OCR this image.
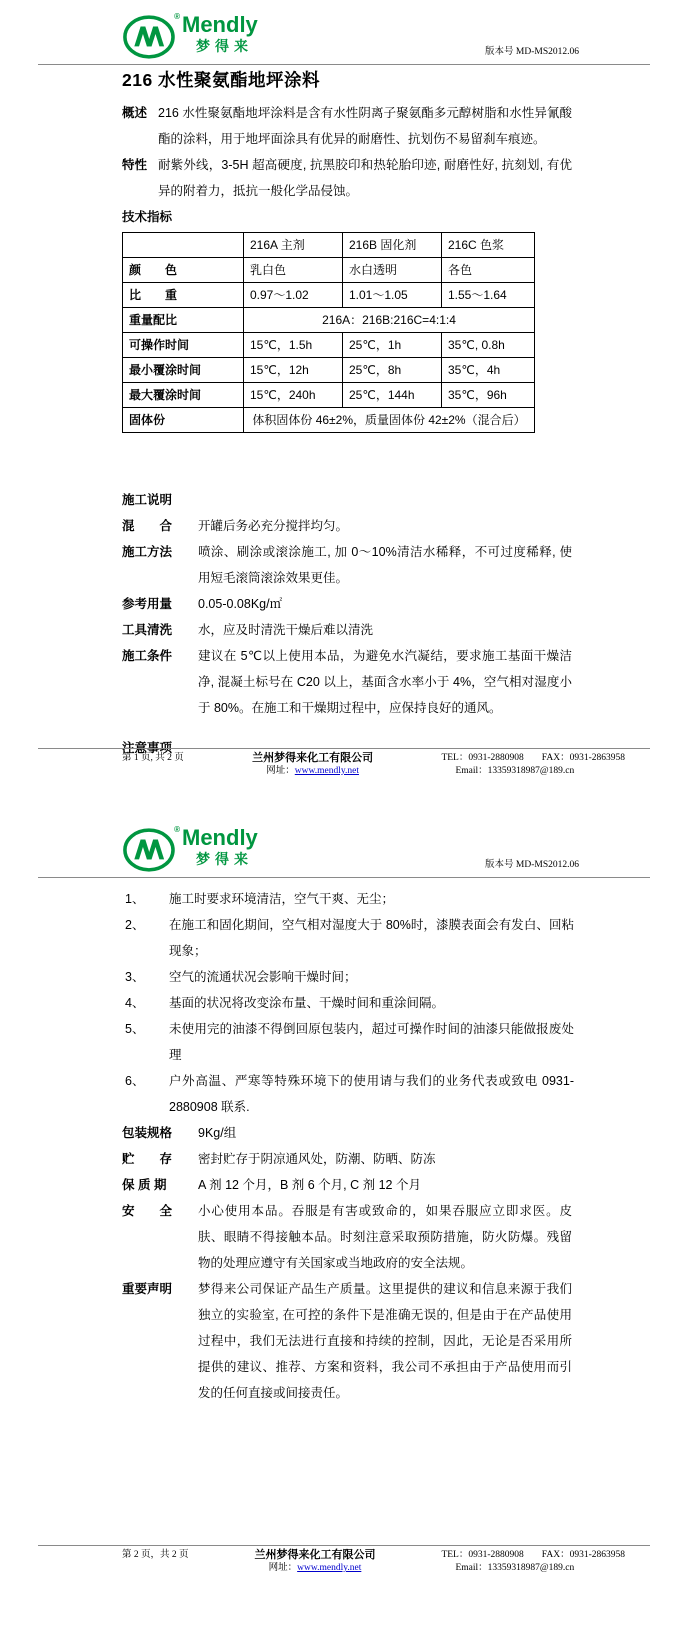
® Mendly
梦得来	版本号 MD-MS2012.06
216 水性聚氨酯地坪涂料
概述 216 水性聚氨酯地坪涂料是含有水性阴离子聚氨酯多元醇树脂和水性异氰酸酯的涂料，用于地坪面涂具有优异的耐磨性、抗划伤不易留刹车痕迹。
特性 耐紫外线，3-5H 超高硬度, 抗黑胶印和热轮胎印迹, 耐磨性好, 抗刻划, 有优异的附着力，抵抗一般化学品侵蚀。
技术指标
	216A 主剂	216B 固化剂	216C 色浆
颜　　色	乳白色	水白透明	各色
比　　重	0.97～1.02	1.01～1.05	1.55～1.64
重量配比	216A：216B:216C=4:1:4		
可操作时间	15℃，1.5h	25℃，1h	35℃, 0.8h
最小覆涂时间	15℃，12h	25℃，8h	35℃，4h
最大覆涂时间	15℃，240h	25℃，144h	35℃，96h
固体份	体积固体份 46±2%，质量固体份 42±2%（混合后）		
施工说明
混　　合	开罐后务必充分搅拌均匀。
施工方法	喷涂、刷涂或滚涂施工, 加 0～10%清洁水稀释，不可过度稀释, 使用短毛滚筒滚涂效果更佳。
参考用量	0.05-0.08Kg/㎡
工具清洗	水，应及时清洗干燥后难以清洗
施工条件	建议在 5℃以上使用本品，为避免水汽凝结，要求施工基面干燥洁净, 混凝土标号在 C20 以上，基面含水率小于 4%，空气相对湿度小于 80%。在施工和干燥期过程中，应保持良好的通风。
注意事项
第 1 页, 共 2 页	兰州梦得来化工有限公司
网址：www.mendly.net
TEL：0931-2880908 FAX：0931-2863958
Email：13359318987@189.cn
® Mendly
梦得来	版本号 MD-MS2012.06
1、	施工时要求环境清洁，空气干爽、无尘；
2、	在施工和固化期间，空气相对湿度大于 80%时，漆膜表面会有发白、回粘现象；
3、	空气的流通状况会影响干燥时间；
4、	基面的状况将改变涂布量、干燥时间和重涂间隔。
5、	未使用完的油漆不得倒回原包装内，超过可操作时间的油漆只能做报废处理
6、	户外高温、严寒等特殊环境下的使用请与我们的业务代表或致电 0931-2880908 联系.
包装规格	9Kg/组
贮　　存	密封贮存于阴凉通风处，防潮、防晒、防冻
保 质 期	A 剂 12 个月，B 剂 6 个月, C 剂 12 个月
安　　全	小心使用本品。吞服是有害或致命的，如果吞服应立即求医。皮肤、眼睛不得接触本品。时刻注意采取预防措施，防火防爆。残留物的处理应遵守有关国家或当地政府的安全法规。
重要声明	梦得来公司保证产品生产质量。这里提供的建议和信息来源于我们独立的实验室, 在可控的条件下是准确无误的, 但是由于在产品使用过程中，我们无法进行直接和持续的控制，因此，无论是否采用所提供的建议、推荐、方案和资料，我公司不承担由于产品使用而引发的任何直接或间接责任。
第 2 页，共 2 页	兰州梦得来化工有限公司
网址：www.mendly.net
TEL：0931-2880908 FAX：0931-2863958
Email：13359318987@189.cn
